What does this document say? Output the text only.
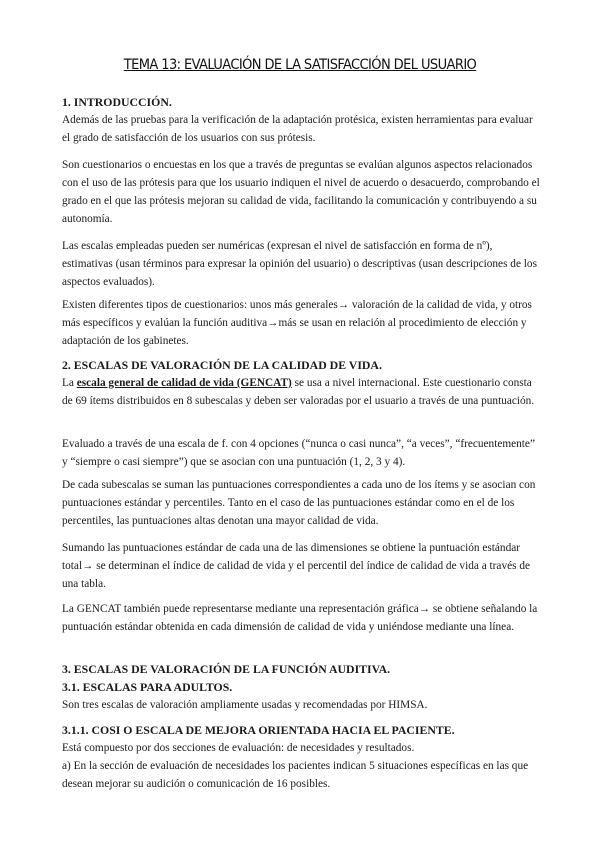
TEMA 13: EVALUACIÓN DE LA SATISFACCIÓN DEL USUARIO
1. INTRODUCCIÓN.
Además de las pruebas para la verificación de la adaptación protésica, existen herramientas para evaluar el grado de satisfacción de los usuarios con sus prótesis.
Son cuestionarios o encuestas en los que a través de preguntas se evalúan algunos aspectos relacionados con el uso de las prótesis para que los usuario indiquen el nivel de acuerdo o desacuerdo, comprobando el grado en el que las prótesis mejoran su calidad de vida, facilitando la comunicación y contribuyendo a su autonomía.
Las escalas empleadas pueden ser numéricas (expresan el nivel de satisfacción en forma de nº), estimativas (usan términos para expresar la opinión del usuario) o descriptivas (usan descripciones de los aspectos evaluados).
Existen diferentes tipos de cuestionarios: unos más generales→ valoración de la calidad de vida, y otros más específicos y evalúan la función auditiva→más se usan en relación al procedimiento de elección y adaptación de los gabinetes.
2. ESCALAS DE VALORACIÓN DE LA CALIDAD DE VIDA.
La escala general de calidad de vida (GENCAT) se usa a nivel internacional. Este cuestionario consta de 69 ítems distribuidos en 8 subescalas y deben ser valoradas por el usuario a través de una puntuación.
Evaluado a través de una escala de f. con 4 opciones (“nunca o casi nunca”, “a veces”, “frecuentemente” y “siempre o casi siempre”) que se asocian con una puntuación (1, 2, 3 y 4).
De cada subescalas se suman las puntuaciones correspondientes a cada uno de los ítems y se asocian con puntuaciones estándar y percentiles. Tanto en el caso de las puntuaciones estándar como en el de los percentiles, las puntuaciones altas denotan una mayor calidad de vida.
Sumando las puntuaciones estándar de cada una de las dimensiones se obtiene la puntuación estándar total→ se determinan el índice de calidad de vida y el percentil del índice de calidad de vida a través de una tabla.
La GENCAT también puede representarse mediante una representación gráfica→ se obtiene señalando la puntuación estándar obtenida en cada dimensión de calidad de vida y uniéndose mediante una línea.
3. ESCALAS DE VALORACIÓN DE LA FUNCIÓN AUDITIVA.
3.1. ESCALAS PARA ADULTOS.
Son tres escalas de valoración ampliamente usadas y recomendadas por HIMSA.
3.1.1. COSI O ESCALA DE MEJORA ORIENTADA HACIA EL PACIENTE.
Está compuesto por dos secciones de evaluación: de necesidades y resultados.
a) En la sección de evaluación de necesidades los pacientes indican 5 situaciones específicas en las que desean mejorar su audición o comunicación de 16 posibles.
